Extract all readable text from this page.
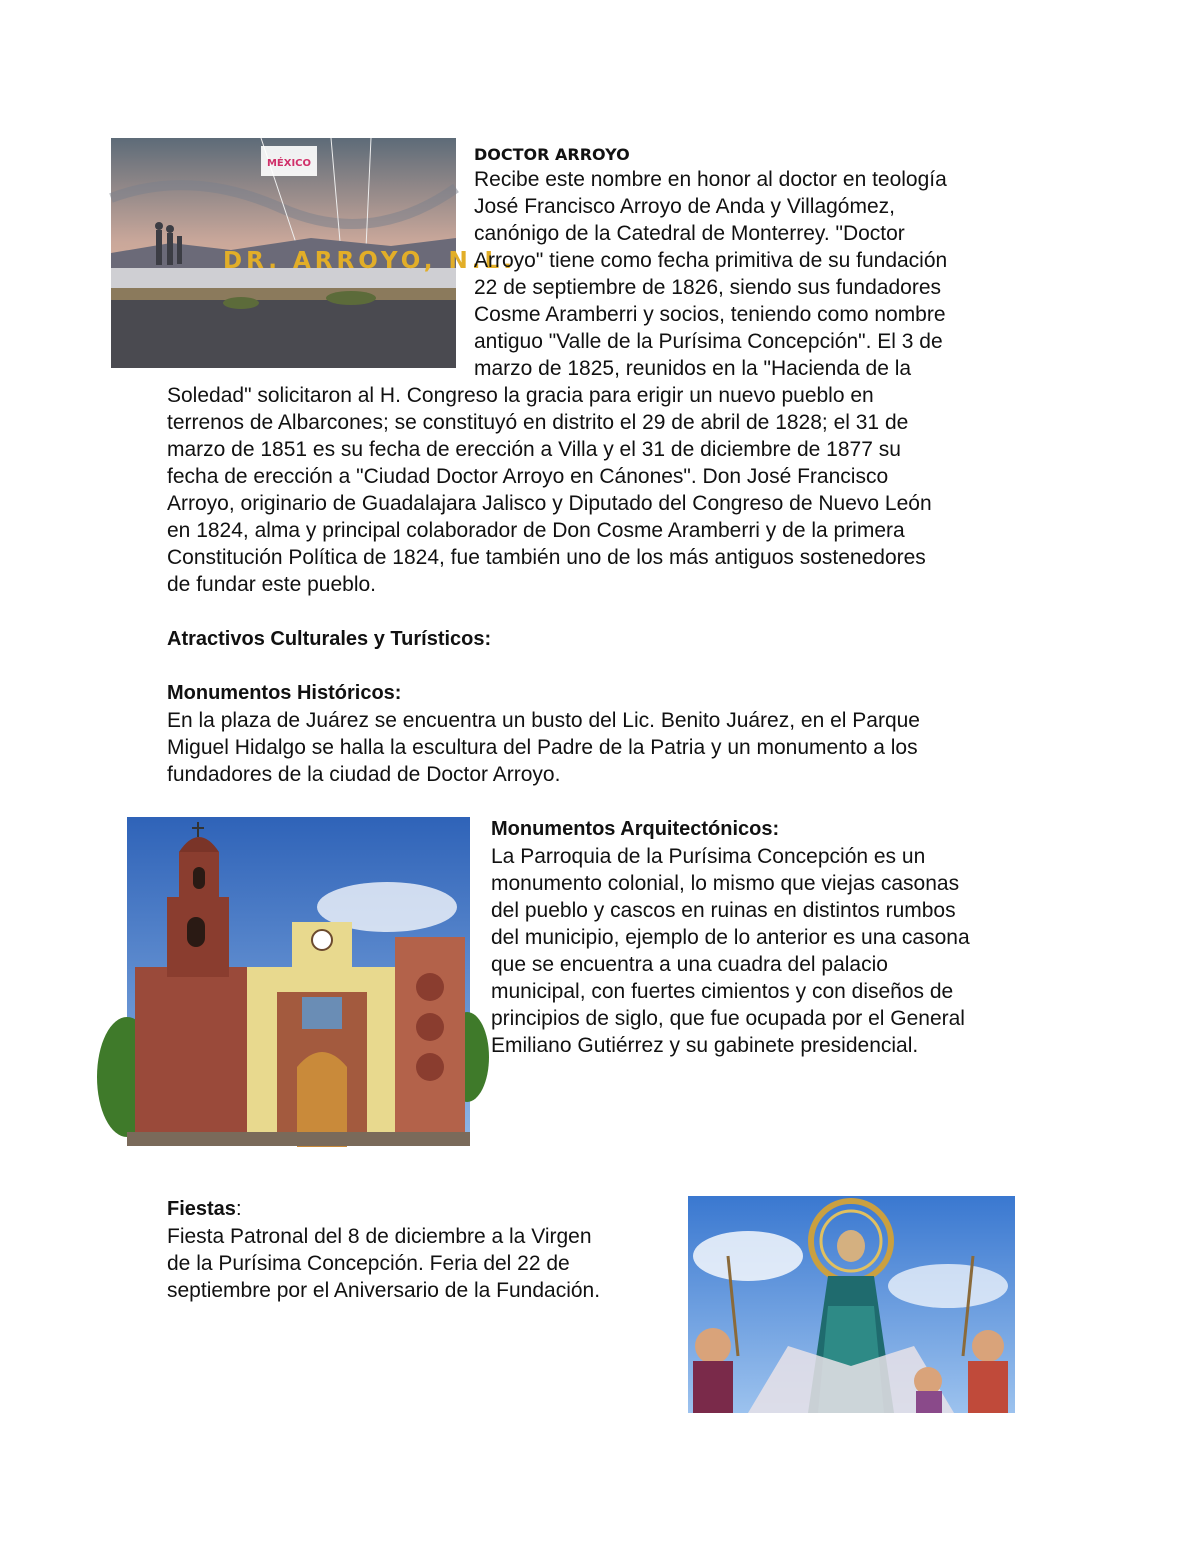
DR. ARROYO, N.L.
MÉXICO	DOCTOR ARROYO
Recibe este nombre en honor al doctor en teología
José Francisco Arroyo de Anda y Villagómez,
canónigo de la Catedral de Monterrey. "Doctor
Arroyo" tiene como fecha primitiva de su fundación
22 de septiembre de 1826, siendo sus fundadores
Cosme Aramberri y socios, teniendo como nombre
antiguo "Valle de la Purísima Concepción". El 3 de
marzo de 1825, reunidos en la "Hacienda de la
Soledad" solicitaron al H. Congreso la gracia para erigir un nuevo pueblo en
terrenos de Albarcones; se constituyó en distrito el 29 de abril de 1828; el 31 de
marzo de 1851 es su fecha de erección a Villa y el 31 de diciembre de 1877 su
fecha de erección a "Ciudad Doctor Arroyo en Cánones". Don José Francisco
Arroyo, originario de Guadalajara Jalisco y Diputado del Congreso de Nuevo León
en 1824, alma y principal colaborador de Don Cosme Aramberri y de la primera
Constitución Política de 1824, fue también uno de los más antiguos sostenedores
de fundar este pueblo.
Atractivos Culturales y Turísticos:
Monumentos Históricos:
En la plaza de Juárez se encuentra un busto del Lic. Benito Juárez, en el Parque
Miguel Hidalgo se halla la escultura del Padre de la Patria y un monumento a los
fundadores de la ciudad de Doctor Arroyo.
Monumentos Arquitectónicos:
La Parroquia de la Purísima Concepción es un
monumento colonial, lo mismo que viejas casonas
del pueblo y cascos en ruinas en distintos rumbos
del municipio, ejemplo de lo anterior es una casona
que se encuentra a una cuadra del palacio
municipal, con fuertes cimientos y con diseños de
principios de siglo, que fue ocupada por el General
Emiliano Gutiérrez y su gabinete presidencial.
Fiestas:
Fiesta Patronal del 8 de diciembre a la Virgen
de la Purísima Concepción. Feria del 22 de
septiembre por el Aniversario de la Fundación.
